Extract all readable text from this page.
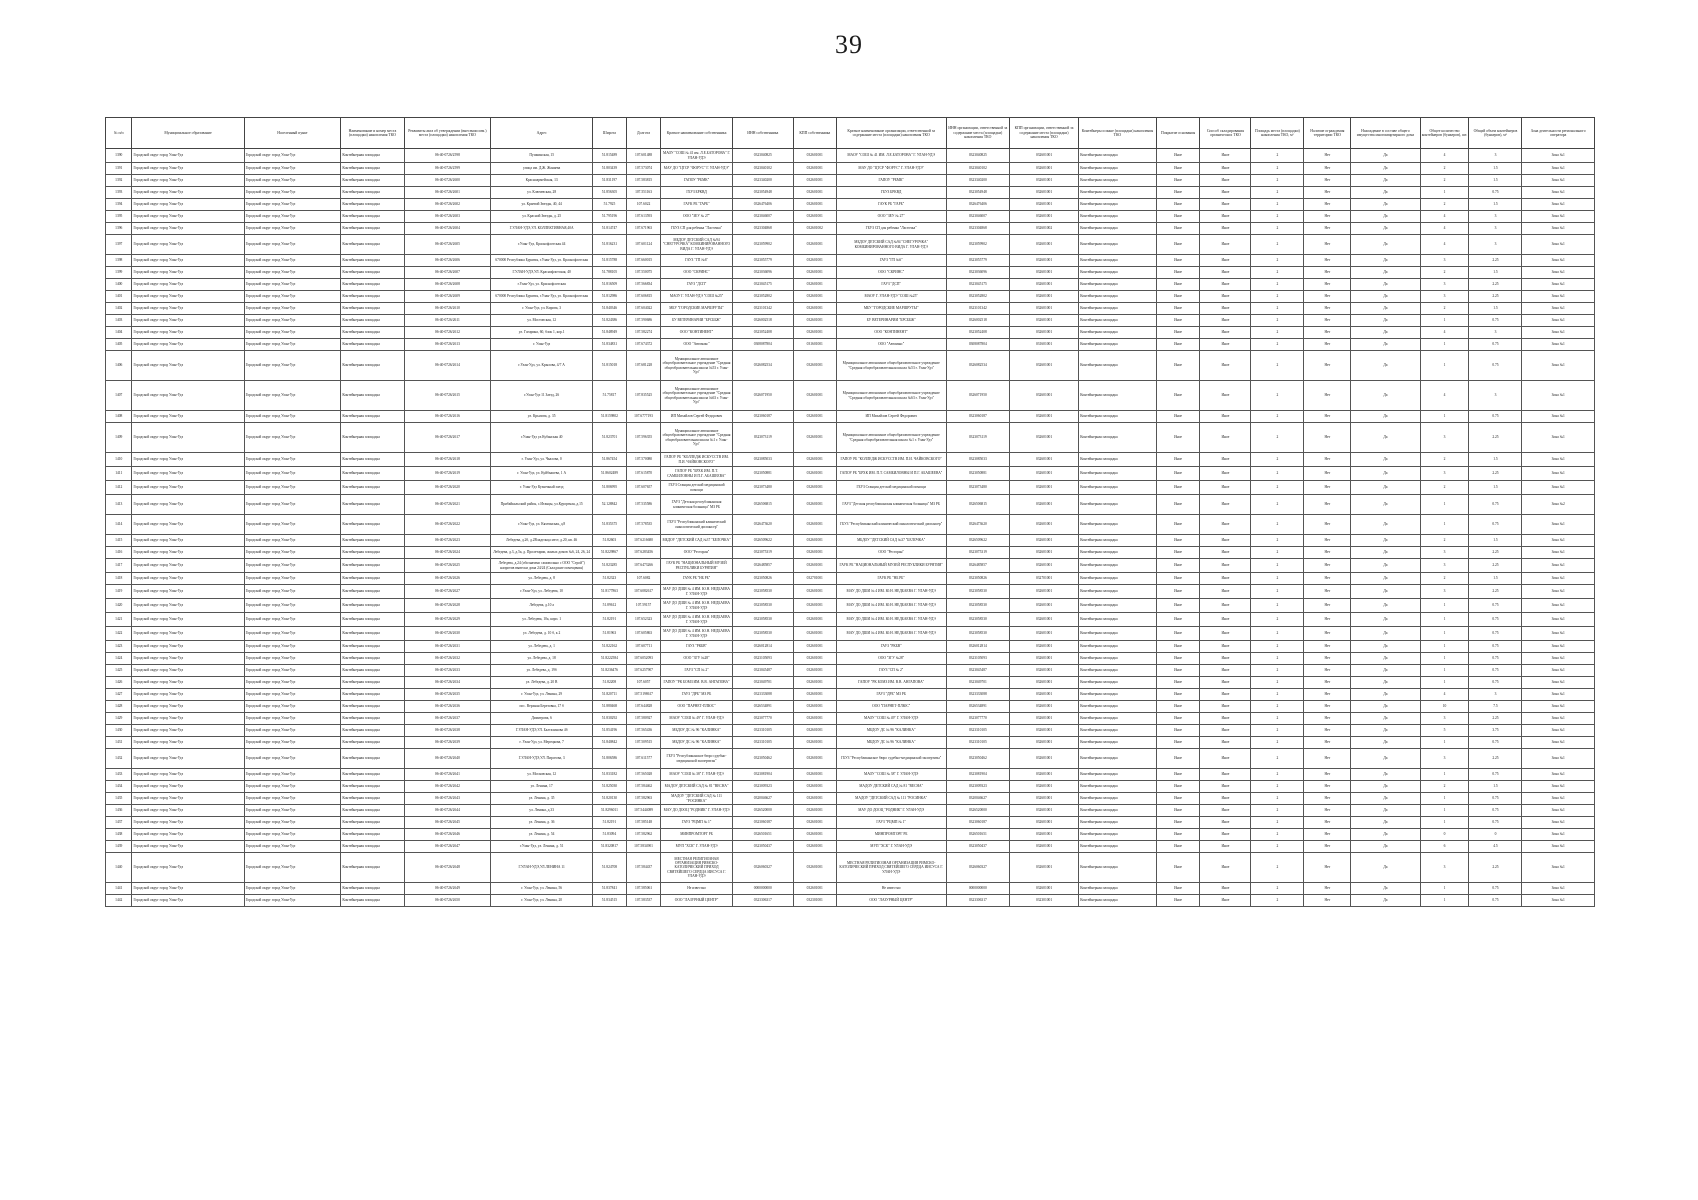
39
№ п/п	Муниципальное образование	Населенный пункт	Наименование и номер места (площадки) накопления ТКО	Реквизиты акта об утверждении (внесении изм.) места (площадки) накопления ТКО	Адрес	Широта	Долгота	Краткое наименование собственника	ИНН собственника	КПП собственника	Краткое наименование организации, ответственной за содержание места (площадки) накопления ТКО	ИНН организации, ответственной за содержание места (площадки) накопления ТКО	КПП организации, ответственной за содержание места (площадки) накопления ТКО	Контейнеры и иные (площадки) накопления ТКО	Покрытие основания	Способ складирования органических ТКО	Площадь места (площадки) накопления ТКО, м²	Наличие ограждения территории ТКО	Нахождение в составе общего имущества многоквартирного дома	Общее количество контейнеров (бункеров), шт.	Общий объем контейнеров (бункеров), м³	Зона деятельности регионального оператора
1390	Городской округ город Улан-Удэ	Городской округ город Улан-Удэ	Контейнерная площадка	06-40-0726/2598	Пушкинская, 15	51.815489	107.601488	МАОУ "СОШ № 41 им. Л.Е.БАТОРОВА" Г. УЛАН-УДЭ	0323040825	032601001	МАОУ "СОШ № 41 ИМ. Л.Е.БАТОРОВА" Г. УЛАН-УДЭ	0323040825	032601001	Контейнерная площадка	Иное	Иное	2	Нет	Да	4	3	Зона №1
1391	Городской округ город Улан-Удэ	Городской округ город Улан-Удэ	Контейнерная площадка	06-40-0726/2599	улица им. Д.Ж. Жанаева	51.803439	107.573074	МАУ ДО "ЦТСР "ФОРУС" Г. УЛАН-УДЭ"	0323040102	032601001	МАУ ДО "ЦТСР "ФОРУС" Г. УЛАН-УДЭ"	0323040102	032601001	Контейнерная площадка	Иное	Иное	2	Нет	Да	2	1.5	Зона №1
1392	Городской округ город Улан-Удэ	Городской округ город Улан-Удэ	Контейнерная площадка	06-40-0726/2600	Красноармейская, 13	51.831197	107.583815	ГАПОУ "РБМК"	0323340200	032601001	ГАПОУ "РБМК"	0323340200	032601001	Контейнерная площадка	Иное	Иное	2	Нет	Да	2	1.5	Зона №1
1393	Городской округ город Улан-Удэ	Городской округ город Улан-Удэ	Контейнерная площадка	06-40-0726/2601	ул. Ключевская, 28	51.856305	107.551163	ГБУЗ БРКВД	0323054948	032601001	ГБУЗ БРКВД	0323054948	032601001	Контейнерная площадка	Иное	Иное	2	Нет	Да	1	0.75	Зона №1
1394	Городской округ город Улан-Удэ	Городской округ город Улан-Удэ	Контейнерная площадка	06-40-0726/2602	ул. Краевой Звезды, 40, 44	51.7925	107.6022	ГАУК РБ "ГАРБ"	0326476406	032601001	ГАУК РБ "ГАРБ"	0326476406	032601001	Контейнерная площадка	Иное	Иное	2	Нет	Да	2	1.5	Зона №1
1395	Городской округ город Улан-Удэ	Городской округ город Улан-Удэ	Контейнерная площадка	06-40-0726/2603	ул. Красной Звезды, д. 25	51.795196	107.613593	ООО "ЗЕУ № 27"	0323046007	032601001	ООО "ЗЕУ № 27"	0323046007	032601001	Контейнерная площадка	Иное	Иное	2	Нет	Да	4	3	Зона №1
1396	Городской округ город Улан-Удэ	Городской округ город Улан-Удэ	Контейнерная площадка	06-40-0726/2604	Г.УЛАН-УДЭ,УЛ. КОЛЛЕКТИВНАЯ,40А	51.814747	107.671963	ГБУЗ СП для ребенка "Ласточка"	0323304868	032601002	ГБУЗ СП для ребенка "Ласточка"	0323304868	032601002	Контейнерная площадка	Иное	Иное	2	Нет	Да	4	3	Зона №1
1397	Городской округ город Улан-Удэ	Городской округ город Улан-Удэ	Контейнерная площадка	06-40-0726/2605	г.Улан-Удэ, Краснофлотская 44	51.816231	107.601124	МБДОУ ДЕТСКИЙ САД №94 "СНЕГУРОЧКА" КОМБИНИРОВАННОГО ВИДА Г. УЛАН-УДЭ	0323059902	032601001	МБДОУ ДЕТСКИЙ САД №94 "СНЕГУРОЧКА" КОМБИНИРОВАННОГО ВИДА Г. УЛАН-УДЭ	0323059902	032601001	Контейнерная площадка	Иное	Иное	2	Нет	Да	4	3	Зона №1
1398	Городской округ город Улан-Удэ	Городской округ город Улан-Удэ	Контейнерная площадка	06-40-0726/2606	670000 Республика Бурятия, г.Улан-Удэ, ул. Краснофлотская	51.815788	107.660015	ГАУЗ "ГП №6"	0323055779	032601001	ГАУЗ "ГП №6"	0323055779	032601001	Контейнерная площадка	Иное	Иное	2	Нет	Да	3	2.25	Зона №1
1399	Городской округ город Улан-Удэ	Городской округ город Улан-Удэ	Контейнерная площадка	06-40-0726/2607	Г.УЛАН-УДЭ,УЛ. Краснофлотская, 40	51.788105	107.550075	ООО "СКРИНС"	0323036096	032601001	ООО "СКРИНС"	0323036096	032601001	Контейнерная площадка	Иное	Иное	2	Нет	Да	2	1.5	Зона №1
1400	Городской округ город Улан-Удэ	Городской округ город Улан-Удэ	Контейнерная площадка	06-40-0726/2608	г.Улан-Удэ, ул. Краснофлотская	51.816509	107.566834	ГАУЗ "ДСП"	0323045175	032601001	ГАУЗ "ДСП"	0323045175	032601001	Контейнерная площадка	Иное	Иное	2	Нет	Да	3	2.25	Зона №1
1401	Городской округ город Улан-Удэ	Городской округ город Улан-Удэ	Контейнерная площадка	06-40-0726/2609	670000 Республика Бурятия, г.Улан-Удэ, ул. Краснофлотская	51.812986	107.606815	МАОУ Г. УЛАН-УДЭ "СОШ №25"	0323052802	032601001	МАОУ Г. УЛАН-УДЭ "СОШ №25"	0323052802	032601001	Контейнерная площадка	Иное	Иное	2	Нет	Да	3	2.25	Зона №1
1402	Городской округ город Улан-Удэ	Городской округ город Улан-Удэ	Контейнерная площадка	06-40-0726/2610	г. Улан-Удэ, ул. Кирова, 3	51.840346	107.604022	МБУ "ГОРОДСКИЕ МАРШРУТЫ"	0323101342	032601001	МБУ "ГОРОДСКИЕ МАРШРУТЫ"	0323101342	032601001	Контейнерная площадка	Иное	Иное	2	Нет	Да	2	1.5	Зона №1
1403	Городской округ город Улан-Удэ	Городской округ город Улан-Удэ	Контейнерная площадка	06-40-0726/2611	ул. Мостовская, 12	51.824386	107.590686	БУ ВЕТЕРИНАРИИ "БРСББЖ"	0326002518	032601001	БУ ВЕТЕРИНАРИИ "БРСББЖ"	0326002518	032601001	Контейнерная площадка	Иное	Иное	2	Нет	Да	1	0.75	Зона №1
1404	Городской округ город Улан-Удэ	Городской округ город Улан-Удэ	Контейнерная площадка	06-40-0726/2612	ул. Гагарина, 60, блок 1, кор.1	51.848949	107.582274	ООО "КОНТИНЕНТ"	0323052408	032601001	ООО "КОНТИНЕНТ"	0323052408	032601001	Контейнерная площадка	Иное	Иное	2	Нет	Да	4	3	Зона №1
1405	Городской округ город Улан-Удэ	Городской округ город Улан-Удэ	Контейнерная площадка	06-40-0726/2613	г. Улан-Удэ	51.834831	107.674372	ООО "Автомакс"	0308087804	031601001	ООО "Автомакс"	0308087804	031601001	Контейнерная площадка	Иное	Иное	2	Нет	Да	1	0.75	Зона №1
1406	Городской округ город Улан-Удэ	Городской округ город Улан-Удэ	Контейнерная площадка	06-40-0726/2614	г.Улан-Удэ, ул. Крылова, 4/7 А	51.815018	107.681228	Муниципальное автономное общеобразовательное учреждение "Средняя общеобразовательная школа №53 г. Улан-Удэ"	0326082534	032601001	Муниципальное автономное общеобразовательное учреждение "Средняя общеобразовательная школа №53 г. Улан-Удэ"	0326082534	032601001	Контейнерная площадка	Иное	Иное	2	Нет	Да	1	0.75	Зона №1
1407	Городской округ город Улан-Удэ	Городской округ город Улан-Удэ	Контейнерная площадка	06-40-0726/2615	г.Улан-Удэ 11 Заезд, 26	51.75817	107.835525	Муниципальное автономное общеобразовательное учреждение "Средняя общеобразовательная школа №63 г. Улан-Удэ"	0326071950	032601001	Муниципальное автономное общеобразовательное учреждение "Средняя общеобразовательная школа №63 г. Улан-Удэ"	0326071950	032601001	Контейнерная площадка	Иное	Иное	2	Нет	Да	4	3	Зона №1
1408	Городской округ город Улан-Удэ	Городской округ город Улан-Удэ	Контейнерная площадка	06-40-0726/2616	ул. Крылова, д. 35	51.8159802	107.6777193	ИП Михайлов Сергей Федорович	0323060187	032601001	ИП Михайлов Сергей Федорович	0323060187	032601001	Контейнерная площадка	Иное	Иное	2	Нет	Да	1	0.75	Зона №1
1409	Городской округ город Улан-Удэ	Городской округ город Улан-Удэ	Контейнерная площадка	06-40-0726/2617	г.Улан-Удэ ул.Кубанская 40	51.823701	107.596355	Муниципальное автономное общеобразовательное учреждение "Средняя общеобразовательная школа №1 г. Улан-Удэ"	0323073119	032601001	Муниципальное автономное общеобразовательное учреждение "Средняя общеобразовательная школа №1 г. Улан-Удэ"	0323073119	032601001	Контейнерная площадка	Иное	Иное	2	Нет	Да	3	2.25	Зона №1
1410	Городской округ город Улан-Удэ	Городской округ город Улан-Удэ	Контейнерная площадка	06-40-0726/2618	г. Улан-Удэ, ул. Чкалова, 0	51.867454	107.570080	ГАПОУ РБ "КОЛЛЕДЖ ИСКУССТВ ИМ. П.И. ЧАЙКОВСКОГО"	0323085033	032601001	ГАПОУ РБ "КОЛЛЕДЖ ИСКУССТВ ИМ. П.И. ЧАЙКОВСКОГО"	0323085033	032601001	Контейнерная площадка	Иное	Иное	2	Нет	Да	2	1.5	Зона №1
1411	Городской округ город Улан-Удэ	Городской округ город Улан-Удэ	Контейнерная площадка	06-40-0726/2619	г. Улан-Удэ, ул. Куйбышева, 1 А	51.8602489	107.615870	ГАПОУ РБ "БРХК ИМ. П.Т. САМБИЛОВНЫ И П.Г. АБАШЕЕВА"	0323050881	032601001	ГАПОУ РБ "БРХК ИМ. П.Т. САМБИЛОВНЫ И П.Г. АБАШЕЕВА"	0323050881	032601001	Контейнерная площадка	Иное	Иное	2	Нет	Да	3	2.25	Зона №1
1412	Городской округ город Улан-Удэ	Городской округ город Улан-Удэ	Контейнерная площадка	06-40-0726/2620	г. Улан-Удэ Кузнечный заезд	51.806995	107.607657	ГБУЗ Станция детской медицинской помощи	0323073480	032601001	ГБУЗ Станция детской медицинской помощи	0323073480	032601001	Контейнерная площадка	Иное	Иное	2	Нет	Да	2	1.5	Зона №1
1413	Городской округ город Улан-Удэ	Городской округ город Улан-Удэ	Контейнерная площадка	06-40-0726/2621	Прибайкальский район, с.Итанцы, ул.Курортная, д.15	52.128842	107.535586	ГАУЗ "Детская республиканская клиническая больница" МЗ РБ	0326506815	032601001	ГАУЗ "Детская республиканская клиническая больница" МЗ РБ	0326506815	032601001	Контейнерная площадка	Иное	Иное	2	Нет	Да	1	0.75	Зона №2
1414	Городской округ город Улан-Удэ	Городской округ город Улан-Удэ	Контейнерная площадка	06-40-0726/2622	г.Улан-Удэ, ул. Кяхтинская, д.8	51.835375	107.578535	ГБУЗ "Республиканский клинический онкологический диспансер"	0326473620	032601001	ГБУЗ "Республиканский клинический онкологический диспансер"	0326473620	032601001	Контейнерная площадка	Иное	Иное	2	Нет	Да	1	0.75	Зона №1
1415	Городской округ город Улан-Удэ	Городской округ город Улан-Удэ	Контейнерная площадка	06-40-0726/2623	Лебедева, д.2б, д.2Владельца мест, д.20, кв. 46	51.82603	107.6216680	МБДОУ "ДЕТСКИЙ САД №37 "БЕЛОЧКА"	0326509622	032601001	МБДОУ "ДЕТСКИЙ САД №37 "БЕЛОЧКА"	0326509622	032601001	Контейнерная площадка	Иное	Иное	2	Нет	Да	2	1.5	Зона №1
1416	Городской округ город Улан-Удэ	Городской округ город Улан-Удэ	Контейнерная площадка	06-40-0726/2624	Лебедева, д.3, д.5а, д. Пролетарии, жилых домов №6, 24, 26, 24	51.8229867	107.6283456	ООО "Ресторан"	0323075319	032601001	ООО "Ресторан"	0323075319	032601001	Контейнерная площадка	Иное	Иное	2	Нет	Да	3	2.25	Зона №1
1417	Городской округ город Улан-Удэ	Городской округ город Улан-Удэ	Контейнерная площадка	06-40-0726/2625	Лебедева, д.24 (обозначено самовольно с ООО "Строй") напротив вывески дома 24/24 (Складские помещения)	51.823285	107.6473266	ГАУК РБ "НАЦИОНАЛЬНЫЙ МУЗЕЙ РЕСПУБЛИКИ БУРЯТИЯ"	0326485857	032601001	ГАУК РБ "НАЦИОНАЛЬНЫЙ МУЗЕЙ РЕСПУБЛИКИ БУРЯТИЯ"	0326485857	032601001	Контейнерная площадка	Иное	Иное	2	Нет	Да	3	2.25	Зона №1
1418	Городской округ город Улан-Удэ	Городской округ город Улан-Удэ	Контейнерная площадка	06-40-0726/2626	ул. Лебедева, д. 8	51.82323	107.6082	ГАУК РБ "НБ РБ"	0323050826	032701001	ГАУК РБ "НБ РБ"	0323050826	032701001	Контейнерная площадка	Иное	Иное	2	Нет	Да	2	1.5	Зона №1
1419	Городской округ город Улан-Удэ	Городской округ город Улан-Удэ	Контейнерная площадка	06-40-0726/2627	г.Улан-Удэ, ул. Лебедева, 10	51.8177863	107.6082617	МАУ ДО ДШИ № 4 ИМ. Ю.Н. НЕДБАЕВА Г. УЛАН-УДЭ	0323058530	032601001	МАУ ДО ДШИ № 4 ИМ. Ю.Н. НЕДБАЕВА Г. УЛАН-УДЭ	0323058530	032601001	Контейнерная площадка	Иное	Иное	2	Нет	Да	3	2.25	Зона №1
1420	Городской округ город Улан-Удэ	Городской округ город Улан-Удэ	Контейнерная площадка	06-40-0726/2628	Лебедева, д.10 а	51.89612	107.59157	МАУ ДО ДШИ № 4 ИМ. Ю.Н. НЕДБАЕВА Г. УЛАН-УДЭ	0323058530	032601001	МАУ ДО ДШИ № 4 ИМ. Ю.Н. НЕДБАЕВА Г. УЛАН-УДЭ	0323058530	032601001	Контейнерная площадка	Иное	Иное	2	Нет	Да	1	0.75	Зона №1
1421	Городской округ город Улан-Удэ	Городской округ город Улан-Удэ	Контейнерная площадка	06-40-0726/2629	ул. Лебедева, 10а, корп. 1	51.82191	107.652323	МАУ ДО ДШИ № 4 ИМ. Ю.Н. НЕДБАЕВА Г. УЛАН-УДЭ	0323058530	032601001	МАУ ДО ДШИ № 4 ИМ. Ю.Н. НЕДБАЕВА Г. УЛАН-УДЭ	0323058530	032601001	Контейнерная площадка	Иное	Иное	2	Нет	Да	1	0.75	Зона №1
1422	Городской округ город Улан-Удэ	Городской округ город Улан-Удэ	Контейнерная площадка	06-40-0726/2630	ул. Лебедева, д. 10 б, к 2	51.81963	107.605863	МАУ ДО ДШИ № 4 ИМ. Ю.Н. НЕДБАЕВА Г. УЛАН-УДЭ	0323058530	032601001	МАУ ДО ДШИ № 4 ИМ. Ю.Н. НЕДБАЕВА Г. УЛАН-УДЭ	0323058530	032601001	Контейнерная площадка	Иное	Иное	2	Нет	Да	1	0.75	Зона №1
1423	Городской округ город Улан-Удэ	Городской округ город Улан-Удэ	Контейнерная площадка	06-40-0726/2631	ул. Лебедева, д. 1	51.822162	107.607711	ГАУЗ "РКБВ"	0326012814	032601001	ГАУЗ "РКБВ"	0326012814	032601001	Контейнерная площадка	Иное	Иное	2	Нет	Да	1	0.75	Зона №1
1424	Городской округ город Улан-Удэ	Городской округ город Улан-Удэ	Контейнерная площадка	06-40-0726/2632	ул. Лебедева, д. 18	51.8222584	107.6052093	ООО "ЗГУ №28"	0323105093	032601001	ООО "ЗГУ №28"	0323105093	032601001	Контейнерная площадка	Иное	Иное	2	Нет	Да	1	0.75	Зона №1
1425	Городской округ город Улан-Удэ	Городской округ город Улан-Удэ	Контейнерная площадка	06-40-0726/2633	ул. Лебедева, д. 19б	51.8236476	107.6257907	ГАУЗ "СП № 2"	0323045487	032601001	ГАУЗ "СП № 2"	0323045487	032601001	Контейнерная площадка	Иное	Иное	2	Нет	Да	1	0.75	Зона №1
1426	Городской округ город Улан-Удэ	Городской округ город Улан-Удэ	Контейнерная площадка	06-40-0726/2634	ул. Лебедева, д. 20 В	51.82208	107.6057	ГАПОУ "РК БОМЗ ИМ. В.В. АНГАПОВА"	0323049701	032601001	ГАПОУ "РК БОМЗ ИМ. В.В. АНГАПОВА"	0323049701	032601001	Контейнерная площадка	Иное	Иное	2	Нет	Да	1	0.75	Зона №1
1427	Городской округ город Улан-Удэ	Городской округ город Улан-Удэ	Контейнерная площадка	06-40-0726/2635	г. Улан-Удэ, ул. Ленина, 29	51.820711	107.5198617	ГАУЗ "ДРБ" МЗ РБ	0323333088	032601001	ГАУЗ "ДРБ" МЗ РБ	0323333088	032601001	Контейнерная площадка	Иное	Иное	2	Нет	Да	4	3	Зона №1
1428	Городской округ город Улан-Удэ	Городской округ город Улан-Удэ	Контейнерная площадка	06-40-0726/2636	пос. Верхняя Березовка, 17 б	51.880468	107.644828	ООО "ПАРНЕТ-ПЛЮС"	0326534891	032601001	ООО "ПАРНЕТ-ПЛЮС"	0326534891	032601001	Контейнерная площадка	Иное	Иное	2	Нет	Да	10	7.5	Зона №1
1429	Городской округ город Улан-Удэ	Городской округ город Улан-Удэ	Контейнерная площадка	06-40-0726/2637	Димитрова, 6	51.830292	107.580927	МАОУ "СОШ № 49" Г. УЛАН-УДЭ	0323077770	032601001	МАОУ "СОШ № 49" Г. УЛАН-УДЭ	0323077770	032601001	Контейнерная площадка	Иное	Иное	2	Нет	Да	3	2.25	Зона №1
1430	Городской округ город Улан-Удэ	Городской округ город Улан-Удэ	Контейнерная площадка	06-40-0726/2638	Г.УЛАН-УДЭ,УЛ. Балтахинова 4б	51.854196	107.565436	МБДОУ ДС № 96 "КАЛИНКА"	0323310105	032601001	МБДОУ ДС № 96 "КАЛИНКА"	0323310105	032601001	Контейнерная площадка	Иное	Иное	2	Нет	Да	5	3.75	Зона №1
1431	Городской округ город Улан-Удэ	Городской округ город Улан-Удэ	Контейнерная площадка	06-40-0726/2639	г. Улан-Удэ, ул. Мерецкова, 7	51.840842	107.509515	МБДОУ ДС № 96 "КАЛИНКА"	0323310105	032601001	МБДОУ ДС № 96 "КАЛИНКА"	0323310105	032601001	Контейнерная площадка	Иное	Иное	2	Нет	Да	1	0.75	Зона №1
1432	Городской округ город Улан-Удэ	Городской округ город Улан-Удэ	Контейнерная площадка	06-40-0726/2640	Г.УЛАН-УДЭ,УЛ. Пирогова, 3	51.806586	107.611577	ГБУЗ "Республиканское бюро судебно-медицинской экспертизы"	0323050462	032601001	ГБУЗ "Республиканское бюро судебно-медицинской экспертизы"	0323050462	032601001	Контейнерная площадка	Иное	Иное	2	Нет	Да	3	2.25	Зона №1
1433	Городской округ город Улан-Удэ	Городской округ город Улан-Удэ	Контейнерная площадка	06-40-0726/2641	ул. Московская, 12	51.833182	107.565028	МАОУ "СОШ № 38" Г. УЛАН-УДЭ	0323081904	032601001	МАОУ "СОШ № 38" Г. УЛАН-УДЭ	0323081904	032601001	Контейнерная площадка	Иное	Иное	2	Нет	Да	1	0.75	Зона №1
1434	Городской округ город Улан-Удэ	Городской округ город Улан-Удэ	Контейнерная площадка	06-40-0726/2642	ул. Ленина, 17	51.825030	107.584462	МАДОУ ДЕТСКИЙ САД № 81 "ВЕСНА"	0323009323	032601001	МАДОУ ДЕТСКИЙ САД № 81 "ВЕСНА"	0323009323	032601001	Контейнерная площадка	Иное	Иное	2	Нет	Да	2	1.5	Зона №1
1435	Городской округ город Улан-Удэ	Городской округ город Улан-Удэ	Контейнерная площадка	06-40-0726/2643	ул. Ленина, д. 35	51.820130	107.582963	МАДОУ "ДЕТСКИЙ САД № 111 "РОСИНКА"	0320046627	032601001	МАДОУ "ДЕТСКИЙ САД № 111 "РОСИНКА"	0320046627	032601001	Контейнерная площадка	Иное	Иное	2	Нет	Да	1	0.75	Зона №1
1436	Городской округ город Улан-Удэ	Городской округ город Улан-Удэ	Контейнерная площадка	06-40-0726/2644	ул. Ленина, д.33	51.8296011	107.5444089	МАУ ДО ДООЦ "РОДНИК" Г. УЛАН-УДЭ	0326520000	032601001	МАУ ДО ДООЦ "РОДНИК" Г. УЛАН-УДЭ	0326520000	032601001	Контейнерная площадка	Иное	Иное	2	Нет	Да	1	0.75	Зона №1
1437	Городской округ город Улан-Удэ	Городской округ город Улан-Удэ	Контейнерная площадка	06-40-0726/2645	ул. Ленина, д. 36	51.82191	107.585148	ГАУЗ "РЦМП № 1"	0323060187	032601001	ГАУЗ "РЦМП № 1"	0323060187	032601001	Контейнерная площадка	Иное	Иное	2	Нет	Да	1	0.75	Зона №1
1438	Городской округ город Улан-Удэ	Городской округ город Улан-Удэ	Контейнерная площадка	06-40-0726/2646	ул. Ленина, д. 54	51.83094	107.582962	МИНПРОМТОРГ РБ	0326501651	032601001	МИНПРОМТОРГ РБ	0326501651	032601001	Контейнерная площадка	Иное	Иное	2	Нет	Да	0	0	Зона №1
1439	Городской округ город Улан-Удэ	Городской округ город Улан-Удэ	Контейнерная площадка	06-40-0726/2647	г.Улан-Удэ, ул. Ленина, д. 51	51.8320817	107.5834901	МУП "ХСК" Г. УЛАН-УДЭ	0323050437	032601001	МУП "ХСК" Г. УЛАН-УДЭ	0323050437	032601001	Контейнерная площадка	Иное	Иное	2	Нет	Да	6	4.5	Зона №1
1440	Городской округ город Улан-Удэ	Городской округ город Улан-Удэ	Контейнерная площадка	06-40-0726/2648	Г.УЛАН-УДЭ,УЛ.ЛЕНИНА 11	51.824708	107.584437	МЕСТНАЯ РЕЛИГИОЗНАЯ ОРГАНИЗАЦИЯ РИМСКО-КАТОЛИЧЕСКИЙ ПРИХОД СВЯТЕЙШЕГО СЕРДЦА ИИСУСА Г. УЛАН-УДЭ	0326060327	032601001	МЕСТНАЯ РЕЛИГИОЗНАЯ ОРГАНИЗАЦИЯ РИМСКО-КАТОЛИЧЕСКИЙ ПРИХОД СВЯТЕЙШЕГО СЕРДЦА ИИСУСА Г. УЛАН-УДЭ	0326060327	032601001	Контейнерная площадка	Иное	Иное	2	Нет	Да	3	2.25	Зона №1
1441	Городской округ город Улан-Удэ	Городской округ город Улан-Удэ	Контейнерная площадка	06-40-0726/2649	г. Улан-Удэ, ул. Ленина, 56	51.837841	107.585061	Не известно	0000000000	032601001	Не известно	0000000000	032601001	Контейнерная площадка	Иное	Иное	2	Нет	Да	1	0.75	Зона №1
1442	Городской округ город Улан-Удэ	Городской округ город Улан-Удэ	Контейнерная площадка	06-40-0726/2650	г. Улан-Удэ, ул. Ленина, 20	51.834515	107.583537	ООО "ЛАЗУРНЫЙ ЦЕНТР"	0323306317	032301001	ООО "ЛАЗУРНЫЙ ЦЕНТР"	0323306317	032301001	Контейнерная площадка	Иное	Иное	2	Нет	Да	1	0.75	Зона №1
